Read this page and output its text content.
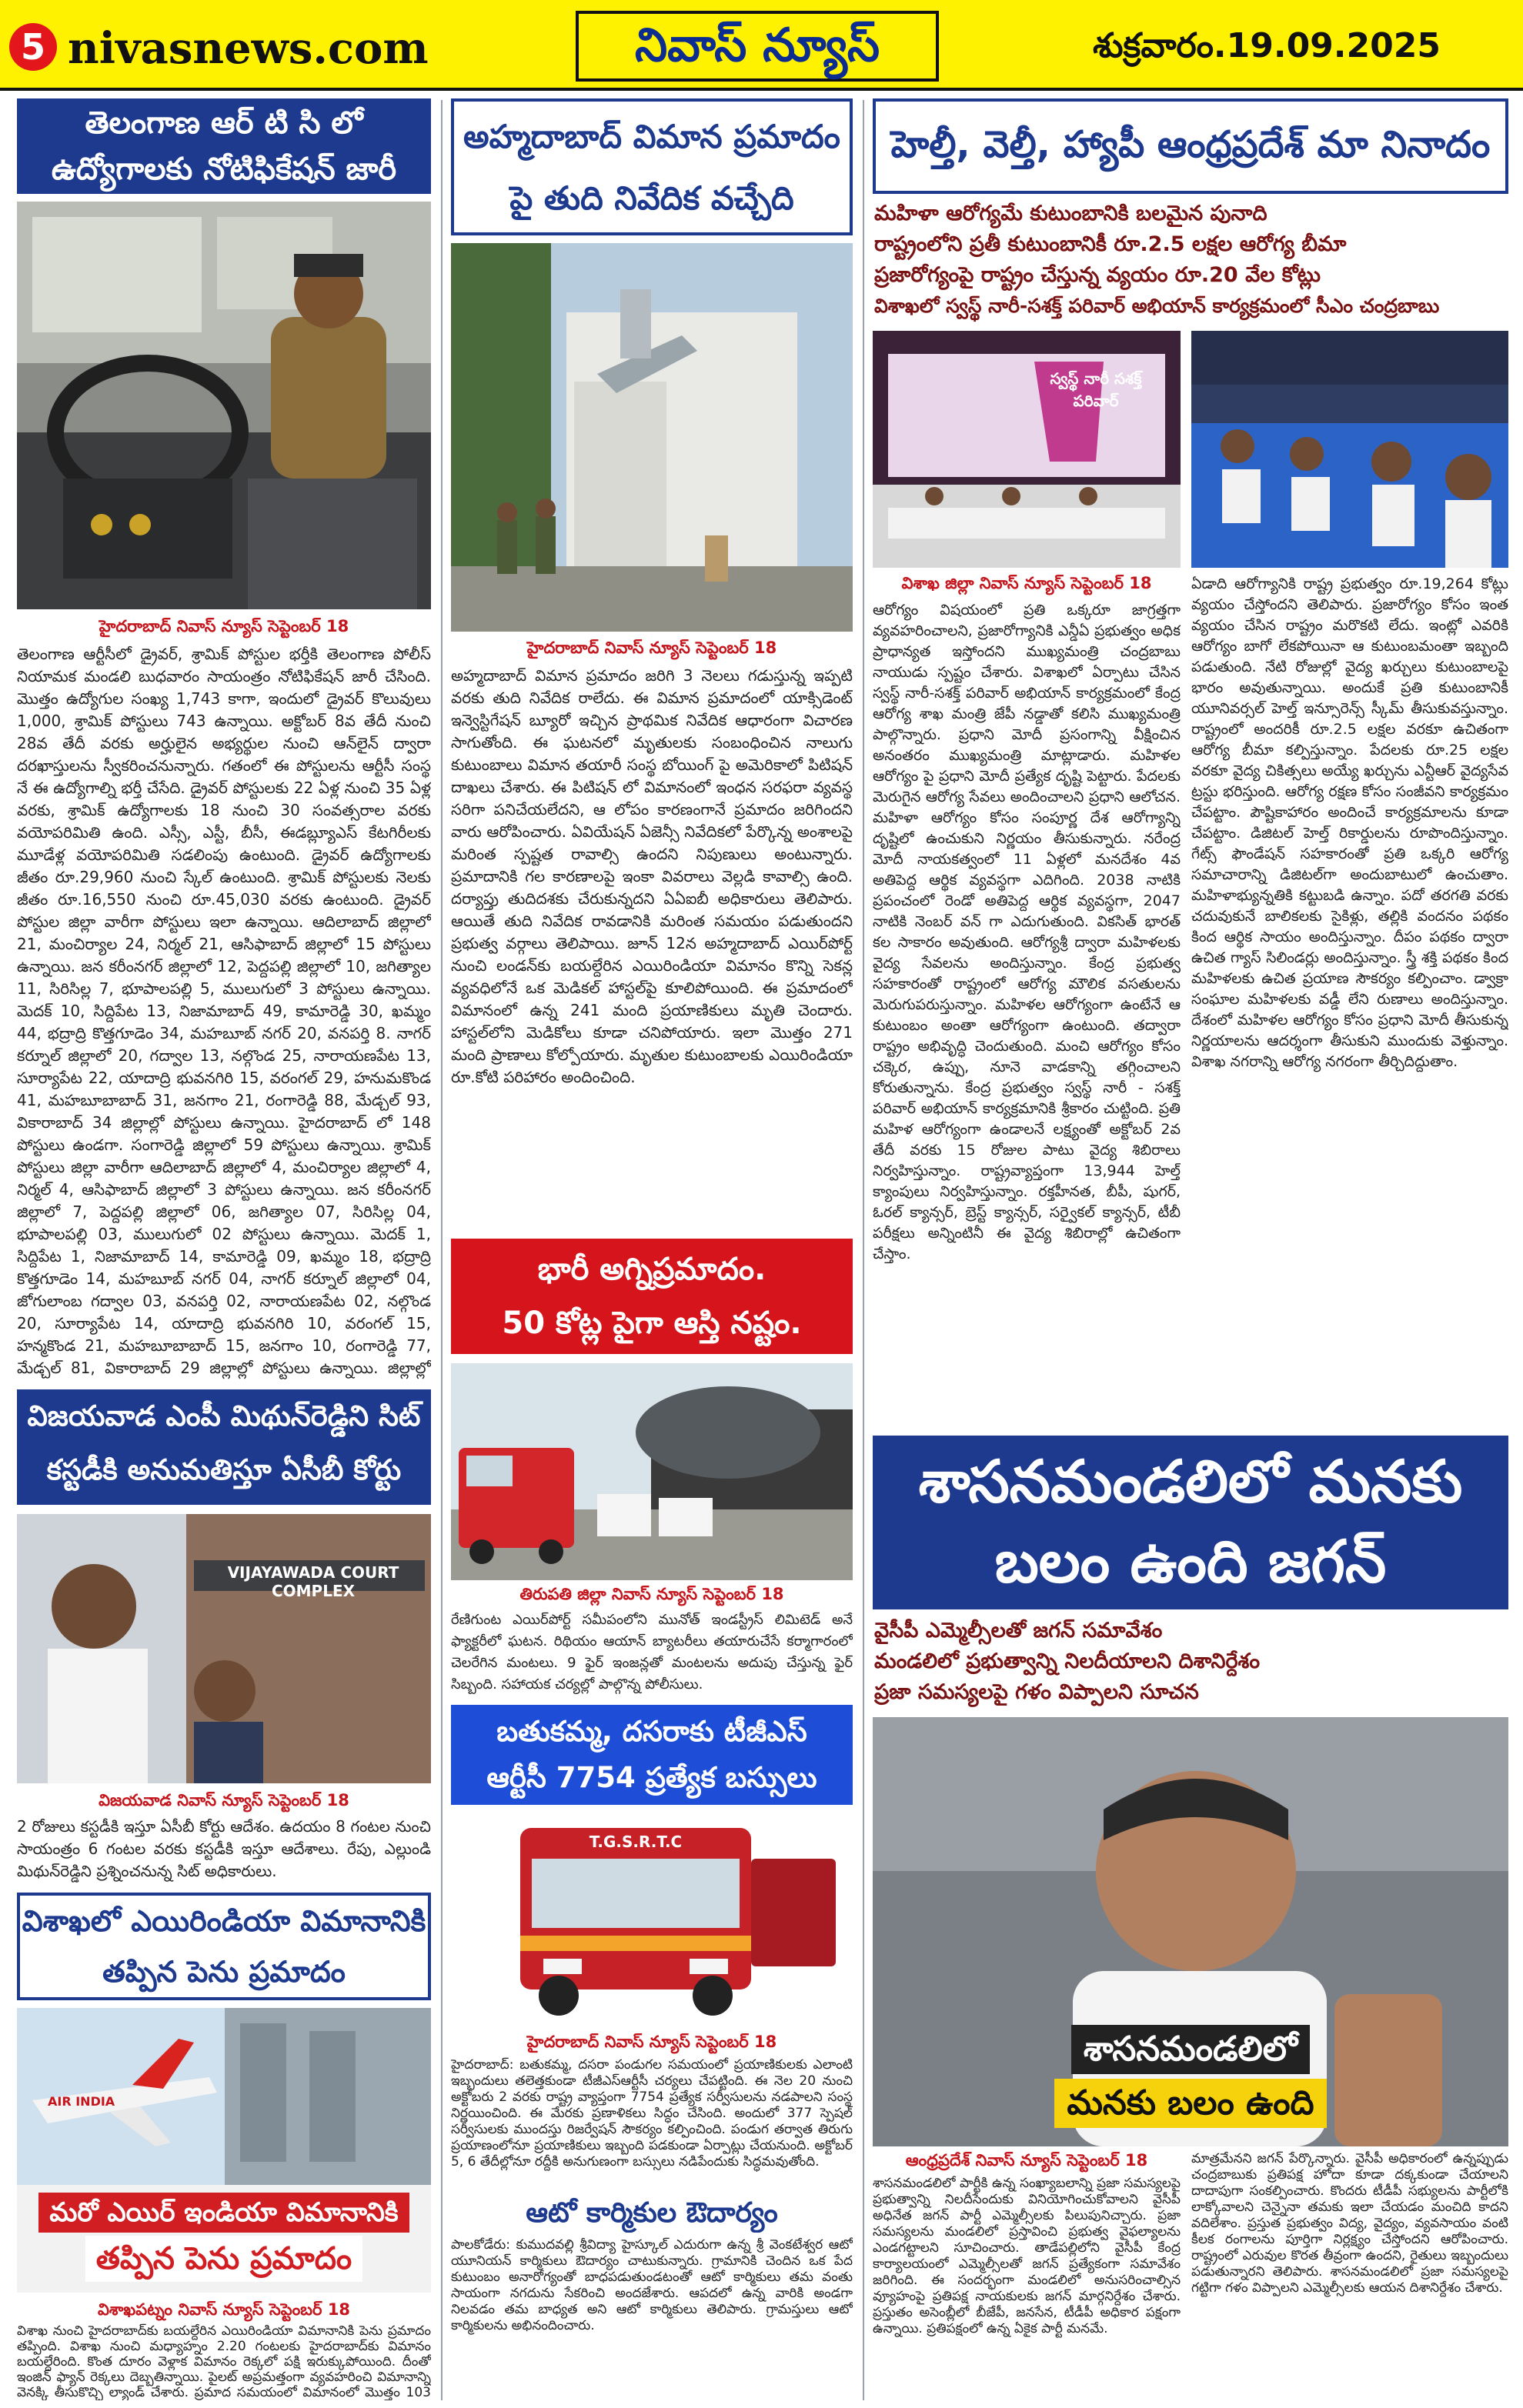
5 nivasnews.com	నివాస్ న్యూస్	శుక్రవారం.19.09.2025
తెలంగాణ ఆర్ టి సి లో ఉద్యోగాలకు నోటిఫికేషన్ జారీ
హైదరాబాద్ నివాస్ న్యూస్ సెప్టెంబర్ 18
తెలంగాణ ఆర్టీసీలో డ్రైవర్, శ్రామిక్ పోస్టుల భర్తీకి తెలంగాణ పోలీస్ నియామక మండలి బుధవారం సాయంత్రం నోటిఫికేషన్ జారీ చేసింది. మొత్తం ఉద్యోగుల సంఖ్య 1,743 కాగా, ఇందులో డ్రైవర్ కొలువులు 1,000, శ్రామిక్ పోస్టులు 743 ఉన్నాయి. అక్టోబర్ 8వ తేదీ నుంచి 28వ తేదీ వరకు అర్హులైన అభ్యర్థుల నుంచి ఆన్‌లైన్ ద్వారా దరఖాస్తులను స్వీకరించనున్నారు. గతంలో ఈ పోస్టులను ఆర్టీసీ సంస్థ నే ఈ ఉద్యోగాల్ని భర్తీ చేసేది. డ్రైవర్ పోస్టులకు 22 ఏళ్ల నుంచి 35 ఏళ్ల వరకు, శ్రామిక్ ఉద్యోగాలకు 18 నుంచి 30 సంవత్సరాల వరకు వయోపరిమితి ఉంది. ఎస్సీ, ఎస్టీ, బీసీ, ఈడబ్ల్యూఎస్ కేటగిరీలకు మూడేళ్ల వయోపరిమితి సడలింపు ఉంటుంది. డ్రైవర్ ఉద్యోగాలకు జీతం రూ.29,960 నుంచి స్కేల్ ఉంటుంది. శ్రామిక్ పోస్టులకు నెలకు జీతం రూ.16,550 నుంచి రూ.45,030 వరకు ఉంటుంది. డ్రైవర్ పోస్టుల జిల్లా వారీగా పోస్టులు ఇలా ఉన్నాయి. ఆదిలాబాద్ జిల్లాలో 21, మంచిర్యాల 24, నిర్మల్ 21, ఆసిఫాబాద్ జిల్లాలో 15 పోస్టులు ఉన్నాయి. జన కరీంనగర్ జిల్లాలో 12, పెద్దపల్లి జిల్లాలో 10, జగిత్యాల 11, సిరిసిల్ల 7, భూపాలపల్లి 5, ములుగులో 3 పోస్టులు ఉన్నాయి. మెదక్ 10, సిద్దిపేట 13, నిజామాబాద్ 49, కామారెడ్డి 30, ఖమ్మం 44, భద్రాద్రి కొత్తగూడెం 34, మహబూబ్ నగర్ 20, వనపర్తి 8. నాగర్ కర్నూల్ జిల్లాలో 20, గద్వాల 13, నల్గొండ 25, నారాయణపేట 13, సూర్యాపేట 22, యాదాద్రి భువనగిరి 15, వరంగల్ 29, హనుమకొండ 41, మహబూబాబాద్ 31, జనగాం 21, రంగారెడ్డి 88, మేడ్చల్ 93, వికారాబాద్ 34 జిల్లాల్లో పోస్టులు ఉన్నాయి. హైదరాబాద్ లో 148 పోస్టులు ఉండగా. సంగారెడ్డి జిల్లాలో 59 పోస్టులు ఉన్నాయి. శ్రామిక్ పోస్టులు జిల్లా వారీగా ఆదిలాబాద్ జిల్లాలో 4, మంచిర్యాల జిల్లాలో 4, నిర్మల్ 4, ఆసిఫాబాద్ జిల్లాలో 3 పోస్టులు ఉన్నాయి. జన కరీంనగర్ జిల్లాలో 7, పెద్దపల్లి జిల్లాలో 06, జగిత్యాల 07, సిరిసిల్ల 04, భూపాలపల్లి 03, ములుగులో 02 పోస్టులు ఉన్నాయి. మెదక్ 1, సిద్దిపేట 1, నిజామాబాద్ 14, కామారెడ్డి 09, ఖమ్మం 18, భద్రాద్రి కొత్తగూడెం 14, మహబూబ్ నగర్ 04, నాగర్ కర్నూల్ జిల్లాలో 04, జోగులాంబ గద్వాల 03, వనపర్తి 02, నారాయణపేట 02, నల్గొండ 20, సూర్యాపేట 14, యాదాద్రి భువనగిరి 10, వరంగల్ 15, హన్మకొండ 21, మహబూబాబాద్ 15, జనగాం 10, రంగారెడ్డి 77, మేడ్చల్ 81, వికారాబాద్ 29 జిల్లాల్లో పోస్టులు ఉన్నాయి. జిల్లాల్లో
విజయవాడ ఎంపీ మిథున్‌రెడ్డిని సిట్ కస్టడీకి అనుమతిస్తూ ఏసీబీ కోర్టు
VIJAYAWADA COURT COMPLEX
విజయవాడ నివాస్ న్యూస్ సెప్టెంబర్ 18
2 రోజులు కస్టడీకి ఇస్తూ ఏసీబీ కోర్టు ఆదేశం. ఉదయం 8 గంటల నుంచి సాయంత్రం 6 గంటల వరకు కస్టడీకి ఇస్తూ ఆదేశాలు. రేపు, ఎల్లుండి మిథున్‌రెడ్డిని ప్రశ్నించనున్న సిట్ అధికారులు.
విశాఖలో ఎయిరిండియా విమానానికి తప్పిన పెను ప్రమాదం
AIR INDIA
మరో ఎయిర్ ఇండియా విమానానికి
తప్పిన పెను ప్రమాదం
విశాఖపట్నం నివాస్ న్యూస్ సెప్టెంబర్ 18
విశాఖ నుంచి హైదరాబాద్‌కు బయల్దేరిన ఎయిరిండియా విమానానికి పెను ప్రమాదం తప్పింది. విశాఖ నుంచి మధ్యాహ్నం 2.20 గంటలకు హైదరాబాద్‌కు విమానం బయల్దేరింది. కొంత దూరం వెళ్లాక విమానం రెక్కలో పక్షి ఇరుక్కుపోయింది. దీంతో ఇంజిన్ ఫ్యాన్ రెక్కలు దెబ్బతిన్నాయి. పైలట్ అప్రమత్తంగా వ్యవహరించి విమానాన్ని వెనక్కి తీసుకొచ్చి ల్యాండ్ చేశారు. ప్రమాద సమయంలో విమానంలో మొత్తం 103
అహ్మదాబాద్ విమాన ప్రమాదం పై తుది నివేదిక వచ్చేది
హైదరాబాద్ నివాస్ న్యూస్ సెప్టెంబర్ 18
అహ్మదాబాద్ విమాన ప్రమాదం జరిగి 3 నెలలు గడుస్తున్న ఇప్పటి వరకు తుది నివేదిక రాలేదు. ఈ విమాన ప్రమాదంలో యాక్సిడెంట్ ఇన్వెస్టిగేషన్ బ్యూరో ఇచ్చిన ప్రాథమిక నివేదిక ఆధారంగా విచారణ సాగుతోంది. ఈ ఘటనలో మృతులకు సంబంధించిన నాలుగు కుటుంబాలు విమాన తయారీ సంస్థ బోయింగ్ పై అమెరికాలో పిటిషన్ దాఖలు చేశారు. ఈ పిటిషన్ లో విమానంలో ఇంధన సరఫరా వ్యవస్థ సరిగా పనిచేయలేదని, ఆ లోపం కారణంగానే ప్రమాదం జరిగిందని వారు ఆరోపించారు. ఏవియేషన్ ఏజెన్సీ నివేదికలో పేర్కొన్న అంశాలపై మరింత స్పష్టత రావాల్సి ఉందని నిపుణులు అంటున్నారు. ప్రమాదానికి గల కారణాలపై ఇంకా వివరాలు వెల్లడి కావాల్సి ఉంది. దర్యాప్తు తుదిదశకు చేరుకున్నదని ఏఏఐబీ అధికారులు తెలిపారు. ఆయితే తుది నివేదిక రావడానికి మరింత సమయం పడుతుందని ప్రభుత్వ వర్గాలు తెలిపాయి. జూన్ 12న అహ్మదాబాద్ ఎయిర్‌పోర్ట్ నుంచి లండన్‌కు బయల్దేరిన ఎయిరిండియా విమానం కొన్ని సెకన్ల వ్యవధిలోనే ఒక మెడికల్ హాస్టల్‌పై కూలిపోయింది. ఈ ప్రమాదంలో విమానంలో ఉన్న 241 మంది ప్రయాణికులు మృతి చెందారు. హాస్టల్‌లోని మెడికోలు కూడా చనిపోయారు. ఇలా మొత్తం 271 మంది ప్రాణాలు కోల్పోయారు. మృతుల కుటుంబాలకు ఎయిరిండియా రూ.కోటి పరిహారం అందించింది.
భారీ అగ్నిప్రమాదం.
50 కోట్ల పైగా ఆస్తి నష్టం.
తిరుపతి జిల్లా నివాస్ న్యూస్ సెప్టెంబర్ 18
రేణిగుంట ఎయిర్‌పోర్ట్ సమీపంలోని మునోత్ ఇండస్ట్రీస్ లిమిటెడ్ అనే ఫ్యాక్టరీలో ఘటన. రిథియం ఆయాన్ బ్యాటరీలు తయారుచేసే కర్మాగారంలో చెలరేగిన మంటలు. 9 ఫైర్ ఇంజన్లతో మంటలను అదుపు చేస్తున్న ఫైర్ సిబ్బంది. సహాయక చర్యల్లో పాల్గొన్న పోలీసులు.
బతుకమ్మ, దసరాకు టీజీఎస్
ఆర్టీసీ 7754 ప్రత్యేక బస్సులు
T.G.S.R.T.C
హైదరాబాద్ నివాస్ న్యూస్ సెప్టెంబర్ 18
హైదరాబాద్‌: బతుకమ్మ, దసరా పండుగల సమయంలో ప్రయాణికులకు ఎలాంటి ఇబ్బందులు తలెత్తకుండా టీజీఎస్‌ఆర్టీసీ చర్యలు చేపట్టింది. ఈ నెల 20 నుంచి అక్టోబరు 2 వరకు రాష్ట్ర వ్యాప్తంగా 7754 ప్రత్యేక సర్వీసులను నడపాలని సంస్థ నిర్ణయించింది. ఈ మేరకు ప్రణాళికలు సిద్ధం చేసింది. అందులో 377 స్పెషల్ సర్వీసులకు ముందస్తు రిజర్వేషన్ సౌకర్యం కల్పించింది. పండుగ తర్వాత తిరుగు ప్రయాణంలోనూ ప్రయాణికులు ఇబ్బంది పడకుండా ఏర్పాట్లు చేయనుంది. అక్టోబర్ 5, 6 తేదీల్లోనూ రద్దీకి అనుగుణంగా బస్సులు నడిపేందుకు సిద్ధమవుతోంది.
ఆటో కార్మికుల ఔదార్యం
పాలకోడేరు: కుముదవల్లి శ్రీవిద్యా హైస్కూల్ ఎదురుగా ఉన్న శ్రీ వెంకటేశ్వర ఆటో యూనియన్ కార్మికులు ఔదార్యం చాటుకున్నారు. గ్రామానికి చెందిన ఒక పేద కుటుంబం అనారోగ్యంతో బాధపడుతుండటంతో ఆటో కార్మికులు తమ వంతు సాయంగా నగదును సేకరించి అందజేశారు. ఆపదలో ఉన్న వారికి అండగా నిలవడం తమ బాధ్యత అని ఆటో కార్మికులు తెలిపారు. గ్రామస్తులు ఆటో కార్మికులను అభినందించారు.
హెల్తీ, వెల్తీ, హ్యాపీ ఆంధ్రప్రదేశ్ మా నినాదం
మహిళా ఆరోగ్యమే కుటుంబానికి బలమైన పునాది
రాష్ట్రంలోని ప్రతీ కుటుంబానికీ రూ.2.5 లక్షల ఆరోగ్య బీమా
ప్రజారోగ్యంపై రాష్ట్రం చేస్తున్న వ్యయం రూ.20 వేల కోట్లు
విశాఖలో స్వస్థ్ నారీ-సశక్త్ పరివార్ అభియాన్ కార్యక్రమంలో సీఎం చంద్రబాబు
స్వస్థ్ నారీ సశక్త్ పరివార్
విశాఖ జిల్లా నివాస్ న్యూస్ సెప్టెంబర్ 18
ఆరోగ్యం విషయంలో ప్రతి ఒక్కరూ జాగ్రత్తగా వ్యవహరించాలని, ప్రజారోగ్యానికి ఎన్డీఏ ప్రభుత్వం అధిక ప్రాధాన్యత ఇస్తోందని ముఖ్యమంత్రి చంద్రబాబు నాయుడు స్పష్టం చేశారు. విశాఖలో ఏర్పాటు చేసిన స్వస్థ్ నారీ-సశక్త్ పరివార్ అభియాన్ కార్యక్రమంలో కేంద్ర ఆరోగ్య శాఖ మంత్రి జేపీ నడ్డాతో కలిసి ముఖ్యమంత్రి పాల్గొన్నారు. ప్రధాని మోదీ ప్రసంగాన్ని వీక్షించిన అనంతరం ముఖ్యమంత్రి మాట్లాడారు. మహిళల ఆరోగ్యం పై ప్రధాని మోదీ ప్రత్యేక దృష్టి పెట్టారు. పేదలకు మెరుగైన ఆరోగ్య సేవలు అందించాలని ప్రధాని ఆలోచన. మహిళా ఆరోగ్యం కోసం సంపూర్ణ దేశ ఆరోగ్యాన్ని దృష్టిలో ఉంచుకుని నిర్ణయం తీసుకున్నారు. నరేంద్ర మోదీ నాయకత్వంలో 11 ఏళ్లలో మనదేశం 4వ అతిపెద్ద ఆర్థిక వ్యవస్థగా ఎదిగింది. 2038 నాటికి ప్రపంచంలో రెండో అతిపెద్ద ఆర్థిక వ్యవస్థగా, 2047 నాటికి నెంబర్ వన్ గా ఎదుగుతుంది. వికసిత్ భారత్ కల సాకారం అవుతుంది. ఆరోగ్యశ్రీ ద్వారా మహిళలకు వైద్య సేవలను అందిస్తున్నాం. కేంద్ర ప్రభుత్వ సహకారంతో రాష్ట్రంలో ఆరోగ్య మౌలిక వసతులను మెరుగుపరుస్తున్నాం. మహిళల ఆరోగ్యంగా ఉంటేనే ఆ కుటుంబం అంతా ఆరోగ్యంగా ఉంటుంది. తద్వారా రాష్ట్రం అభివృద్ధి చెందుతుంది. మంచి ఆరోగ్యం కోసం చక్కెర, ఉప్పు, నూనె వాడకాన్ని తగ్గించాలని కోరుతున్నాను. కేంద్ర ప్రభుత్వం స్వస్థ్ నారీ - సశక్త్ పరివార్ అభియాన్ కార్యక్రమానికి శ్రీకారం చుట్టింది. ప్రతి మహిళ ఆరోగ్యంగా ఉండాలనే లక్ష్యంతో అక్టోబర్ 2వ తేదీ వరకు 15 రోజుల పాటు వైద్య శిబిరాలు నిర్వహిస్తున్నాం. రాష్ట్రవ్యాప్తంగా 13,944 హెల్త్ క్యాంపులు నిర్వహిస్తున్నాం. రక్తహీనత, బీపీ, షుగర్, ఓరల్ క్యాన్సర్, బ్రెస్ట్ క్యాన్సర్, సర్వైకల్ క్యాన్సర్, టీబీ పరీక్షలు అన్నింటినీ ఈ వైద్య శిబిరాల్లో ఉచితంగా చేస్తాం.
ఏడాది ఆరోగ్యానికి రాష్ట్ర ప్రభుత్వం రూ.19,264 కోట్లు వ్యయం చేస్తోందని తెలిపారు. ప్రజారోగ్యం కోసం ఇంత వ్యయం చేసిన రాష్ట్రం మరొకటి లేదు. ఇంట్లో ఎవరికి ఆరోగ్యం బాగో లేకపోయినా ఆ కుటుంబమంతా ఇబ్బంది పడుతుంది. నేటి రోజుల్లో వైద్య ఖర్చులు కుటుంబాలపై భారం అవుతున్నాయి. అందుకే ప్రతి కుటుంబానికీ యూనివర్సల్ హెల్త్ ఇన్సూరెన్స్ స్కీమ్ తీసుకువస్తున్నాం. రాష్ట్రంలో అందరికీ రూ.2.5 లక్షల వరకూ ఉచితంగా ఆరోగ్య బీమా కల్పిస్తున్నాం. పేదలకు రూ.25 లక్షల వరకూ వైద్య చికిత్సలు అయ్యే ఖర్చును ఎన్టీఆర్ వైద్యసేవ ట్రస్టు భరిస్తుంది. ఆరోగ్య రక్షణ కోసం సంజీవని కార్యక్రమం చేపట్టాం. పౌష్టికాహారం అందించే కార్యక్రమాలను కూడా చేపట్టాం. డిజిటల్ హెల్త్ రికార్డులను రూపొందిస్తున్నాం. గేట్స్ ఫౌండేషన్ సహకారంతో ప్రతి ఒక్కరి ఆరోగ్య సమాచారాన్ని డిజిటల్‌గా అందుబాటులో ఉంచుతాం. మహిళాభ్యున్నతికి కట్టుబడి ఉన్నాం. పదో తరగతి వరకు చదువుకునే బాలికలకు సైకిళ్లు, తల్లికి వందనం పథకం కింద ఆర్థిక సాయం అందిస్తున్నాం. దీపం పథకం ద్వారా ఉచిత గ్యాస్ సిలిండర్లు అందిస్తున్నాం. స్త్రీ శక్తి పథకం కింద మహిళలకు ఉచిత ప్రయాణ సౌకర్యం కల్పించాం. డ్వాక్రా సంఘాల మహిళలకు వడ్డీ లేని రుణాలు అందిస్తున్నాం. దేశంలో మహిళల ఆరోగ్యం కోసం ప్రధాని మోదీ తీసుకున్న నిర్ణయాలను ఆదర్శంగా తీసుకుని ముందుకు వెళ్తున్నాం. విశాఖ నగరాన్ని ఆరోగ్య నగరంగా తీర్చిదిద్దుతాం.
శాసనమండలిలో మనకు బలం ఉంది జగన్
వైసీపీ ఎమ్మెల్సీలతో జగన్ సమావేశం
మండలిలో ప్రభుత్వాన్ని నిలదీయాలని దిశానిర్దేశం
ప్రజా సమస్యలపై గళం విప్పాలని సూచన
శాసనమండలిలో
మనకు బలం ఉంది
ఆంధ్రప్రదేశ్ నివాస్ న్యూస్ సెప్టెంబర్ 18
శాసనమండలిలో పార్టీకి ఉన్న సంఖ్యాబలాన్ని ప్రజా సమస్యలపై ప్రభుత్వాన్ని నిలదీసేందుకు వినియోగించుకోవాలని వైసీపీ అధినేత జగన్ పార్టీ ఎమ్మెల్సీలకు పిలుపునిచ్చారు. ప్రజా సమస్యలను మండలిలో ప్రస్తావించి ప్రభుత్వ వైఫల్యాలను ఎండగట్టాలని సూచించారు. తాడేపల్లిలోని వైసీపీ కేంద్ర కార్యాలయంలో ఎమ్మెల్సీలతో జగన్ ప్రత్యేకంగా సమావేశం జరిగింది. ఈ సందర్భంగా మండలిలో అనుసరించాల్సిన వ్యూహంపై ప్రతిపక్ష నాయకులకు జగన్ మార్గనిర్దేశం చేశారు. ప్రస్తుతం అసెంబ్లీలో బీజేపీ, జనసేన, టీడీపీ అధికార పక్షంగా ఉన్నాయి. ప్రతిపక్షంలో ఉన్న ఏకైక పార్టీ మనమే.
మాత్రమేనని జగన్ పేర్కొన్నారు. వైసీపీ అధికారంలో ఉన్నప్పుడు చంద్రబాబుకు ప్రతిపక్ష హోదా కూడా దక్కకుండా చేయాలని దాదాపుగా సంకల్పించారు. కొందరు టీడీపీ సభ్యులను పార్టీలోకి లాక్కోవాలని చెన్నైనా తమకు ఇలా చేయడం మంచిది కాదని వదిలేశాం. ప్రస్తుత ప్రభుత్వం విద్య, వైద్యం, వ్యవసాయం వంటి కీలక రంగాలను పూర్తిగా నిర్లక్ష్యం చేస్తోందని ఆరోపించారు. రాష్ట్రంలో ఎరువుల కొరత తీవ్రంగా ఉందని, రైతులు ఇబ్బందులు పడుతున్నారని తెలిపారు. శాసనమండలిలో ప్రజా సమస్యలపై గట్టిగా గళం విప్పాలని ఎమ్మెల్సీలకు ఆయన దిశానిర్దేశం చేశారు.
